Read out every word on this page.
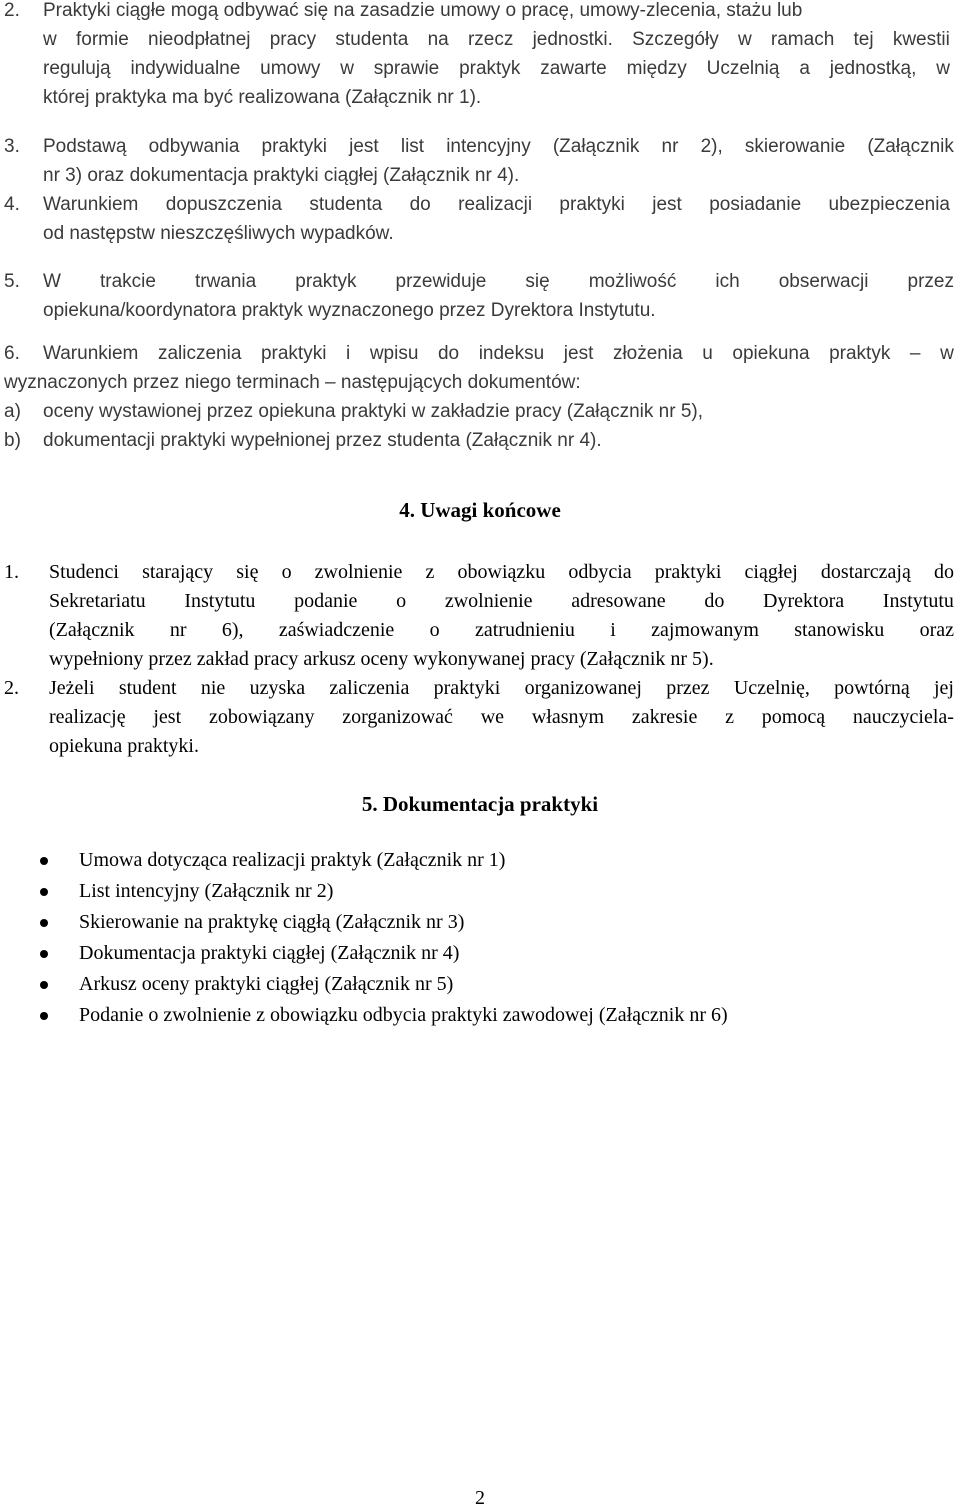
2. Praktyki ciągłe mogą odbywać się na zasadzie umowy o pracę, umowy-zlecenia, stażu lub
w formie nieodpłatnej pracy studenta na rzecz jednostki. Szczegóły w ramach tej kwestii
regulują indywidualne umowy w sprawie praktyk zawarte między Uczelnią a jednostką, w
której praktyka ma być realizowana (Załącznik nr 1).
3. Podstawą odbywania praktyki jest list intencyjny (Załącznik nr 2), skierowanie (Załącznik
nr 3) oraz dokumentacja praktyki ciągłej (Załącznik nr 4).
4. Warunkiem dopuszczenia studenta do realizacji praktyki jest posiadanie ubezpieczenia
od następstw nieszczęśliwych wypadków.
5. W trakcie trwania praktyk przewiduje się możliwość ich obserwacji przez
opiekuna/koordynatora praktyk wyznaczonego przez Dyrektora Instytutu.
6. Warunkiem zaliczenia praktyki i wpisu do indeksu jest złożenia u opiekuna praktyk – w
wyznaczonych przez niego terminach – następujących dokumentów:
a) oceny wystawionej przez opiekuna praktyki w zakładzie pracy (Załącznik nr 5),
b) dokumentacji praktyki wypełnionej przez studenta (Załącznik nr 4).
4. Uwagi końcowe
1. Studenci starający się o zwolnienie z obowiązku odbycia praktyki ciągłej dostarczają do
Sekretariatu Instytutu podanie o zwolnienie adresowane do Dyrektora Instytutu
(Załącznik nr 6), zaświadczenie o zatrudnieniu i zajmowanym stanowisku oraz
wypełniony przez zakład pracy arkusz oceny wykonywanej pracy (Załącznik nr 5).
2. Jeżeli student nie uzyska zaliczenia praktyki organizowanej przez Uczelnię, powtórną jej
realizację jest zobowiązany zorganizować we własnym zakresie z pomocą nauczyciela-
opiekuna praktyki.
5. Dokumentacja praktyki
Umowa dotycząca realizacji praktyk (Załącznik nr 1)
List intencyjny (Załącznik nr 2)
Skierowanie na praktykę ciągłą (Załącznik nr 3)
Dokumentacja praktyki ciągłej (Załącznik nr 4)
Arkusz oceny praktyki ciągłej (Załącznik nr 5)
Podanie o zwolnienie z obowiązku odbycia praktyki zawodowej (Załącznik nr 6)
2
